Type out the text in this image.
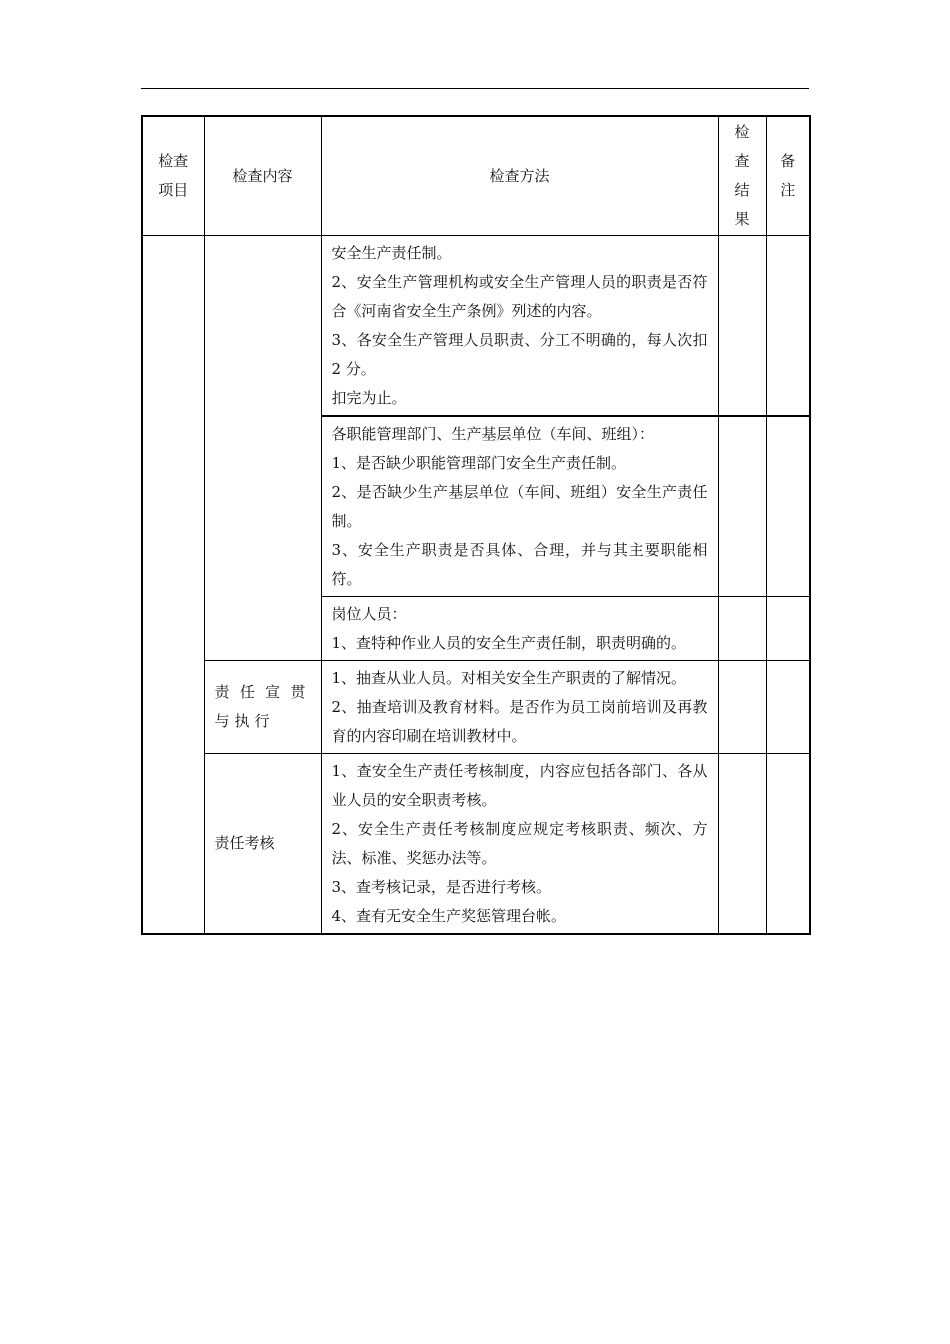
检查项目	检查内容	检查方法	检查结果	备注

		安全生产责任制。
2、安全生产管理机构或安全生产管理人员的职责是否符合《河南省安全生产条例》列述的内容。
3、各安全生产管理人员职责、分工不明确的，每人次扣 2 分。
扣完为止。		

		各职能管理部门、生产基层单位（车间、班组）：
1、是否缺少职能管理部门安全生产责任制。
2、是否缺少生产基层单位（车间、班组）安全生产责任制。
3、安全生产职责是否具体、合理，并与其主要职能相符。		

		岗位人员：
1、查特种作业人员的安全生产责任制，职责明确的。		

	责任宣贯与执行	1、抽查从业人员。对相关安全生产职责的了解情况。
2、抽查培训及教育材料。是否作为员工岗前培训及再教育的内容印刷在培训教材中。		

	责任考核	1、查安全生产责任考核制度，内容应包括各部门、各从业人员的安全职责考核。
2、安全生产责任考核制度应规定考核职责、频次、方法、标准、奖惩办法等。
3、查考核记录，是否进行考核。
4、查有无安全生产奖惩管理台帐。		
